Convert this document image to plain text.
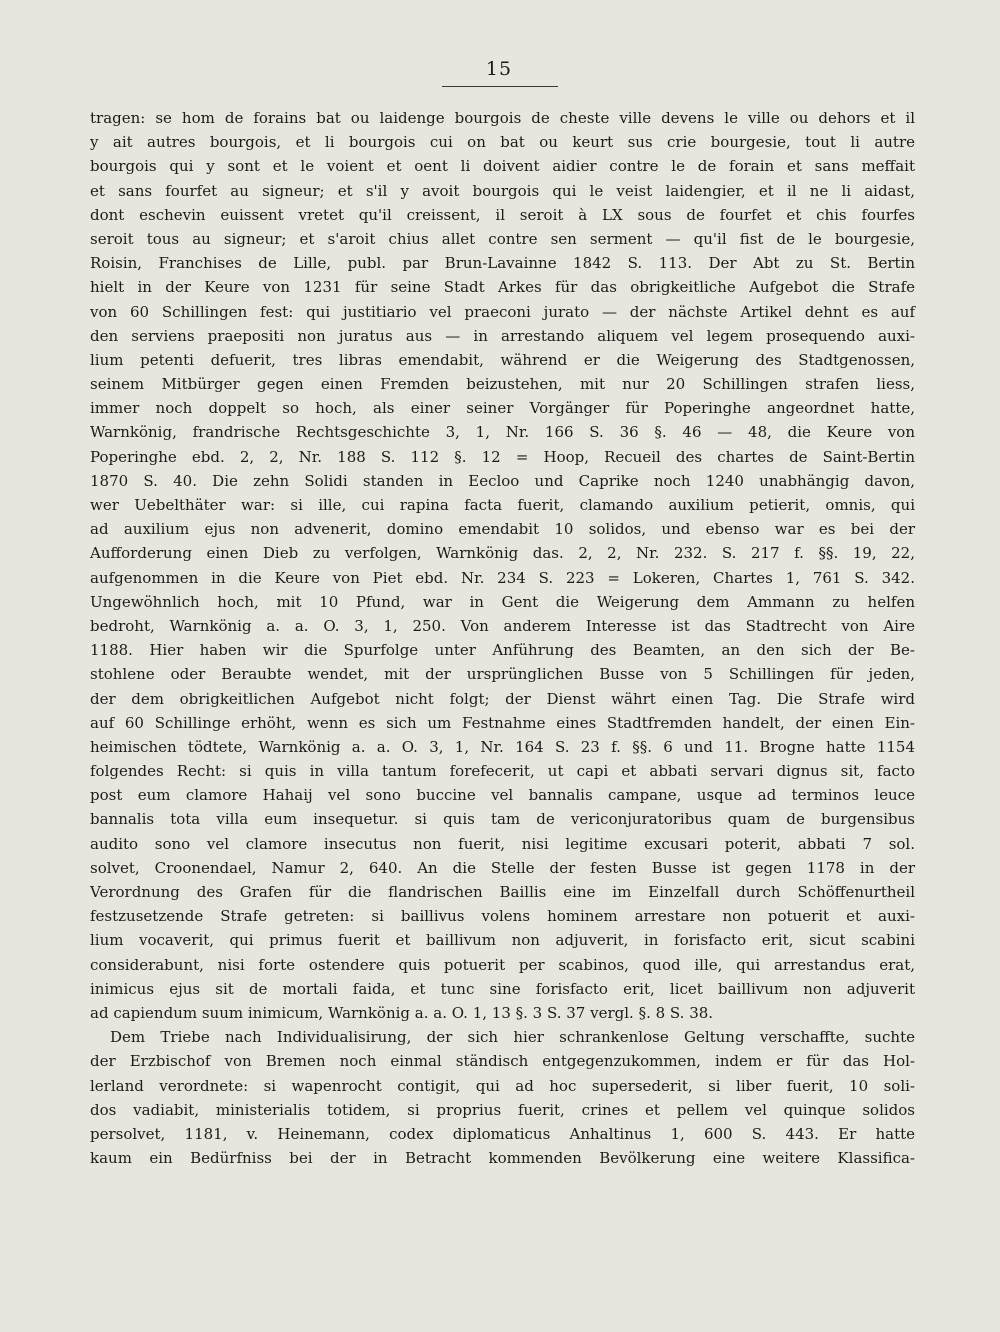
15
tragen: se hom de forains bat ou laidenge bourgois de cheste ville devens le ville ou dehors et il
y ait autres bourgois, et li bourgois cui on bat ou keurt sus crie bourgesie, tout li autre
bourgois qui y sont et le voient et oent li doivent aidier contre le de forain et sans meffait
et sans fourfet au signeur; et s'il y avoit bourgois qui le veist laidengier, et il ne li aidast,
dont eschevin euissent vretet qu'il creissent, il seroit à LX sous de fourfet et chis fourfes
seroit tous au signeur; et s'aroit chius allet contre sen serment — qu'il fist de le bourgesie,
Roisin, Franchises de Lille, publ. par Brun-Lavainne 1842 S. 113. Der Abt zu St. Bertin
hielt in der Keure von 1231 für seine Stadt Arkes für das obrigkeitliche Aufgebot die Strafe
von 60 Schillingen fest: qui justitiario vel praeconi jurato — der nächste Artikel dehnt es auf
den serviens praepositi non juratus aus — in arrestando aliquem vel legem prosequendo auxi-
lium petenti defuerit, tres libras emendabit, während er die Weigerung des Stadtgenossen,
seinem Mitbürger gegen einen Fremden beizustehen, mit nur 20 Schillingen strafen liess,
immer noch doppelt so hoch, als einer seiner Vorgänger für Poperinghe angeordnet hatte,
Warnkönig, frandrische Rechtsgeschichte 3, 1, Nr. 166 S. 36 §. 46 — 48, die Keure von
Poperinghe ebd. 2, 2, Nr. 188 S. 112 §. 12 = Hoop, Recueil des chartes de Saint-Bertin
1870 S. 40. Die zehn Solidi standen in Eecloo und Caprike noch 1240 unabhängig davon,
wer Uebelthäter war: si ille, cui rapina facta fuerit, clamando auxilium petierit, omnis, qui
ad auxilium ejus non advenerit, domino emendabit 10 solidos, und ebenso war es bei der
Aufforderung einen Dieb zu verfolgen, Warnkönig das. 2, 2, Nr. 232. S. 217 f. §§. 19, 22,
aufgenommen in die Keure von Piet ebd. Nr. 234 S. 223 = Lokeren, Chartes 1, 761 S. 342.
Ungewöhnlich hoch, mit 10 Pfund, war in Gent die Weigerung dem Ammann zu helfen
bedroht, Warnkönig a. a. O. 3, 1, 250. Von anderem Interesse ist das Stadtrecht von Aire
1188. Hier haben wir die Spurfolge unter Anführung des Beamten, an den sich der Be-
stohlene oder Beraubte wendet, mit der ursprünglichen Busse von 5 Schillingen für jeden,
der dem obrigkeitlichen Aufgebot nicht folgt; der Dienst währt einen Tag. Die Strafe wird
auf 60 Schillinge erhöht, wenn es sich um Festnahme eines Stadtfremden handelt, der einen Ein-
heimischen tödtete, Warnkönig a. a. O. 3, 1, Nr. 164 S. 23 f. §§. 6 und 11. Brogne hatte 1154
folgendes Recht: si quis in villa tantum forefecerit, ut capi et abbati servari dignus sit, facto
post eum clamore Hahaij vel sono buccine vel bannalis campane, usque ad terminos leuce
bannalis tota villa eum insequetur. si quis tam de vericonjuratoribus quam de burgensibus
audito sono vel clamore insecutus non fuerit, nisi legitime excusari poterit, abbati 7 sol.
solvet, Croonendael, Namur 2, 640. An die Stelle der festen Busse ist gegen 1178 in der
Verordnung des Grafen für die flandrischen Baillis eine im Einzelfall durch Schöffenurtheil
festzusetzende Strafe getreten: si baillivus volens hominem arrestare non potuerit et auxi-
lium vocaverit, qui primus fuerit et baillivum non adjuverit, in forisfacto erit, sicut scabini
considerabunt, nisi forte ostendere quis potuerit per scabinos, quod ille, qui arrestandus erat,
inimicus ejus sit de mortali faida, et tunc sine forisfacto erit, licet baillivum non adjuverit
ad capiendum suum inimicum, Warnkönig a. a. O. 1, 13 §. 3 S. 37 vergl. §. 8 S. 38.
Dem Triebe nach Individualisirung, der sich hier schrankenlose Geltung verschaffte, suchte
der Erzbischof von Bremen noch einmal ständisch entgegenzukommen, indem er für das Hol-
lerland verordnete: si wapenrocht contigit, qui ad hoc supersederit, si liber fuerit, 10 soli-
dos vadiabit, ministerialis totidem, si proprius fuerit, crines et pellem vel quinque solidos
persolvet, 1181, v. Heinemann, codex diplomaticus Anhaltinus 1, 600 S. 443. Er hatte
kaum ein Bedürfniss bei der in Betracht kommenden Bevölkerung eine weitere Klassifica-
